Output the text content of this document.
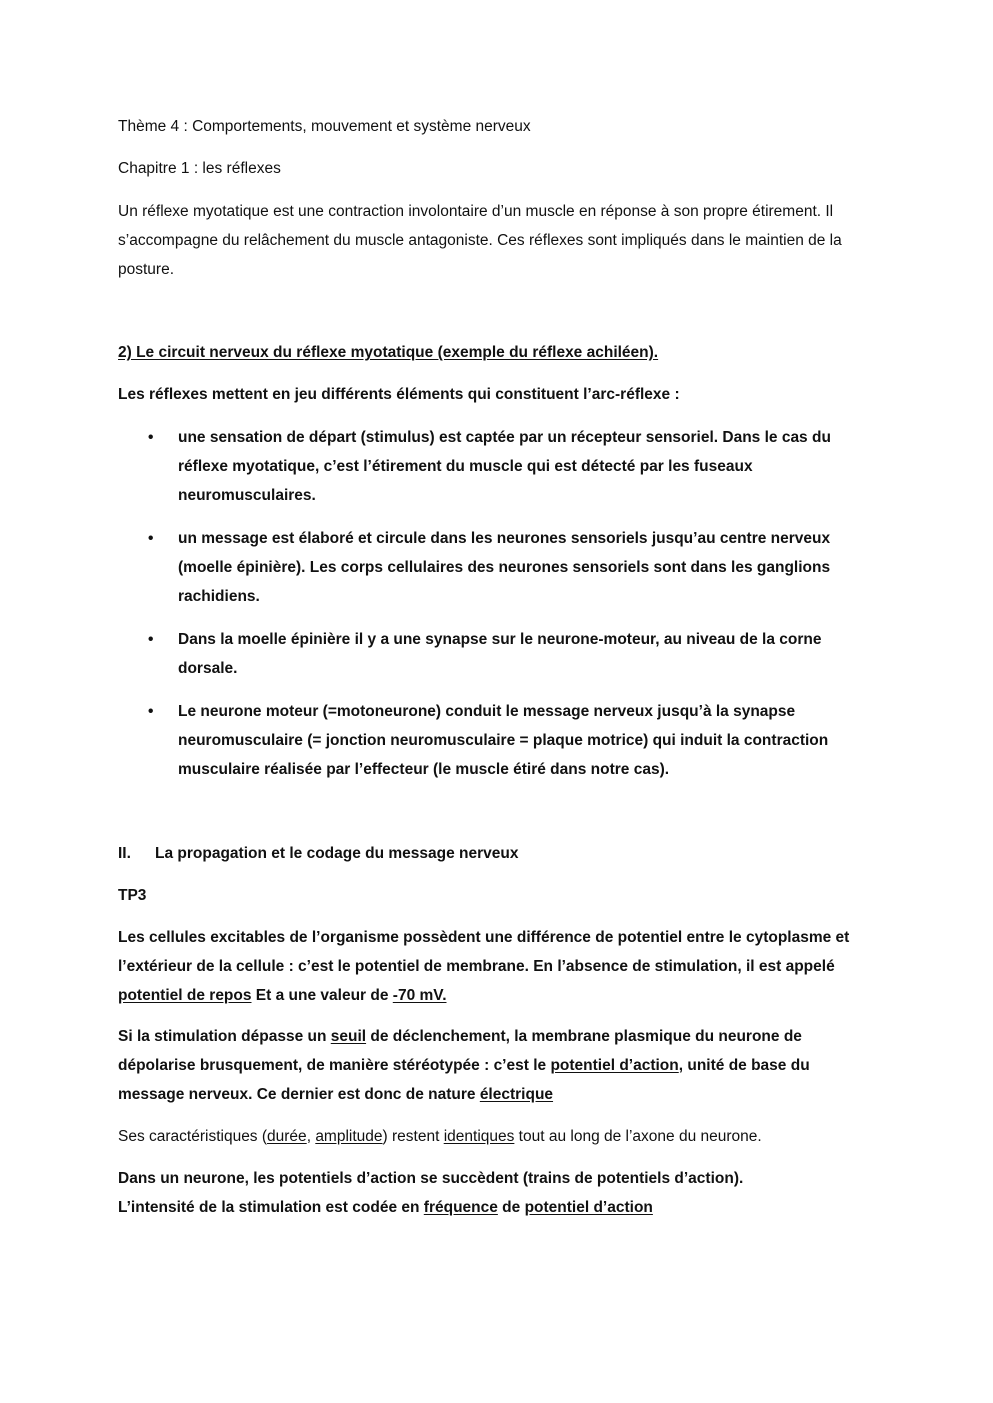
Thème 4 : Comportements, mouvement et système nerveux

Chapitre 1 : les réflexes

Un réflexe myotatique est une contraction involontaire d’un muscle en réponse à son propre étirement. Il s’accompagne du relâchement du muscle antagoniste. Ces réflexes sont impliqués dans le maintien de la posture.

2) Le circuit nerveux du réflexe myotatique (exemple du réflexe achiléen).

Les réflexes mettent en jeu différents éléments qui constituent l’arc-réflexe :

• une sensation de départ (stimulus) est captée par un récepteur sensoriel. Dans le cas du réflexe myotatique, c’est l’étirement du muscle qui est détecté par les fuseaux neuromusculaires.
• un message est élaboré et circule dans les neurones sensoriels jusqu’au centre nerveux (moelle épinière). Les corps cellulaires des neurones sensoriels sont dans les ganglions rachidiens.
• Dans la moelle épinière il y a une synapse sur le neurone-moteur, au niveau de la corne dorsale.
• Le neurone moteur (=motoneurone) conduit le message nerveux jusqu’à la synapse neuromusculaire (= jonction neuromusculaire = plaque motrice) qui induit la contraction musculaire réalisée par l’effecteur (le muscle étiré dans notre cas).

II. La propagation et le codage du message nerveux

TP3

Les cellules excitables de l’organisme possèdent une différence de potentiel entre le cytoplasme et l’extérieur de la cellule : c’est le potentiel de membrane. En l’absence de stimulation, il est appelé potentiel de repos Et a une valeur de -70 mV.

Si la stimulation dépasse un seuil de déclenchement, la membrane plasmique du neurone de dépolarise brusquement, de manière stéréotypée : c’est le potentiel d’action, unité de base du message nerveux. Ce dernier est donc de nature électrique

Ses caractéristiques (durée, amplitude) restent identiques tout au long de l’axone du neurone.

Dans un neurone, les potentiels d’action se succèdent (trains de potentiels d’action).
L’intensité de la stimulation est codée en fréquence de potentiel d’action
